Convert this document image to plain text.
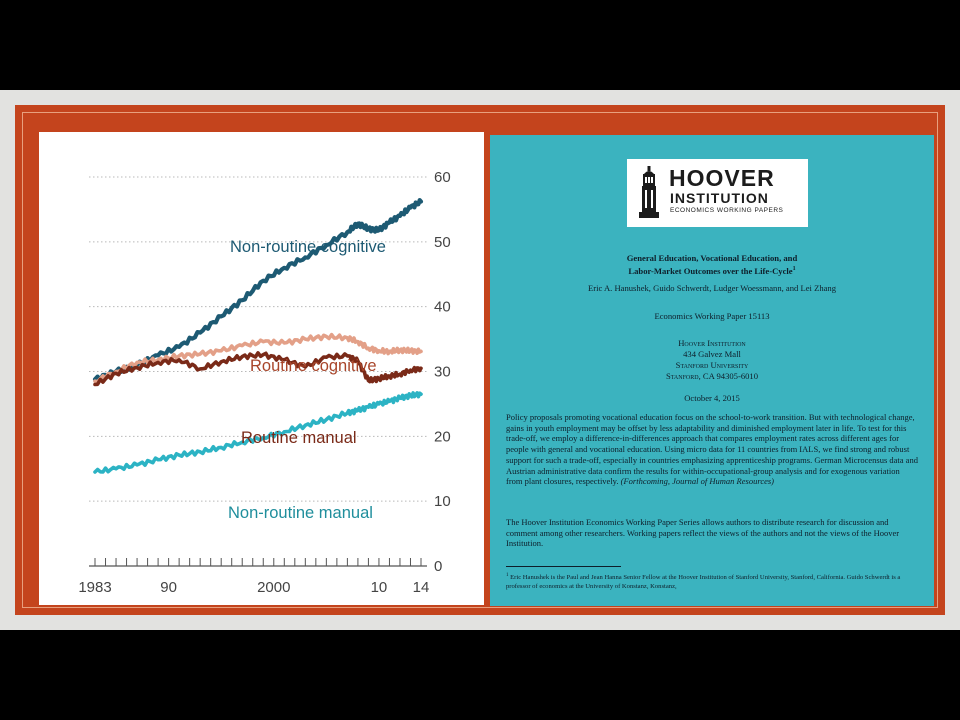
0
10
20
30
40
50
60
1983	90	2000	10 14
Non-routine cognitive
Routine cognitive
Routine manual
Non-routine manual
HOOVER
INSTITUTION
ECONOMICS WORKING PAPERS
General Education, Vocational Education, and
Labor-Market Outcomes over the Life-Cycle$^1$
Eric A. Hanushek, Guido Schwerdt, Ludger Woessmann, and Lei Zhang
Economics Working Paper 15113
Hoover Institution
434 Galvez Mall
Stanford University
Stanford, CA 94305-6010
October 4, 2015
Policy proposals promoting vocational education focus on the school-to-work transition. But with technological change, gains in youth employment may be offset by less adaptability and diminished employment later in life. To test for this trade-off, we employ a difference-in-differences approach that compares employment rates across different ages for people with general and vocational education. Using micro data for 11 countries from IALS, we find strong and robust support for such a trade-off, especially in countries emphasizing apprenticeship programs. German Microcensus data and Austrian administrative data confirm the results for within-occupational-group analysis and for exogenous variation from plant closures, respectively. (Forthcoming, Journal of Human Resources)
The Hoover Institution Economics Working Paper Series allows authors to distribute research for discussion and comment among other researchers. Working papers reflect the views of the authors and not the views of the Hoover Institution.
$^1$ Eric Hanushek is the Paul and Jean Hanna Senior Fellow at the Hoover Institution of Stanford University, Stanford, California. Guido Schwerdt is a professor of economics at the University of Konstanz, Konstanz,
